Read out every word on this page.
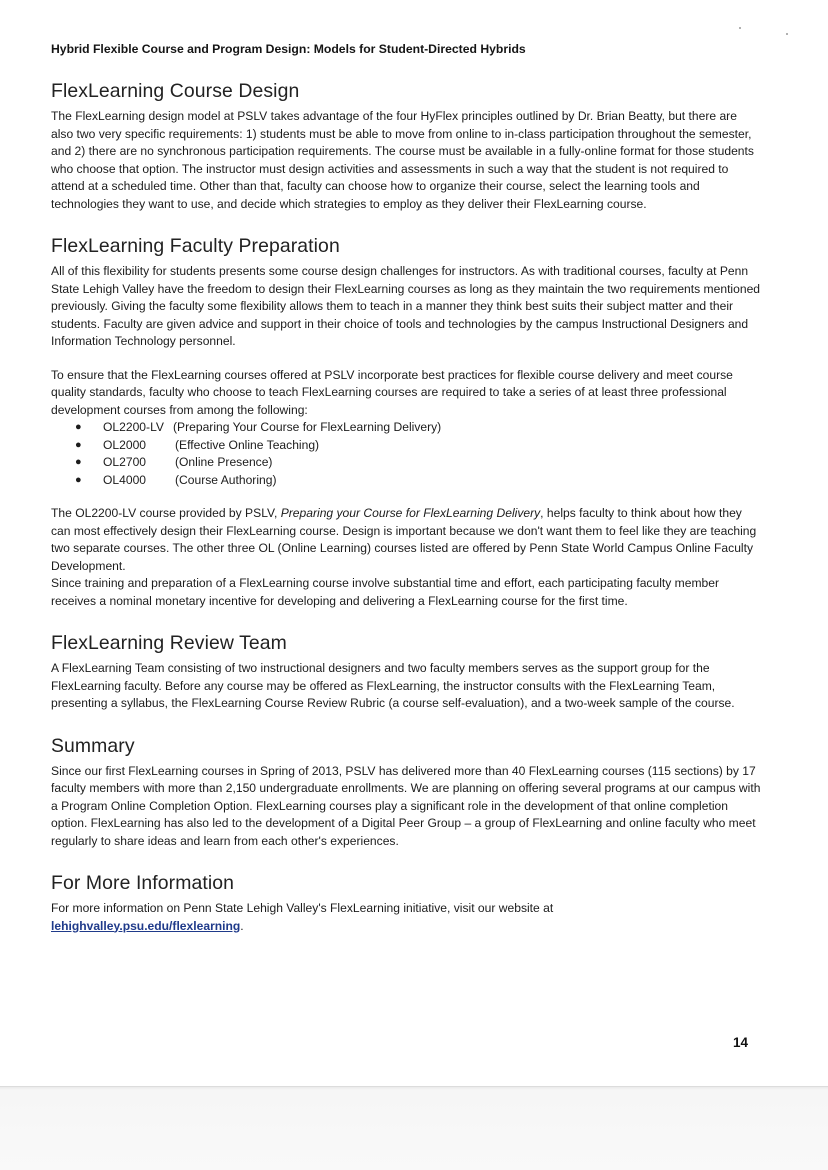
Hybrid Flexible Course and Program Design: Models for Student-Directed Hybrids
FlexLearning Course Design

The FlexLearning design model at PSLV takes advantage of the four HyFlex principles outlined by Dr. Brian Beatty, but there are also two very specific requirements: 1) students must be able to move from online to in-class participation throughout the semester, and 2) there are no synchronous participation requirements. The course must be available in a fully-online format for those students who choose that option. The instructor must design activities and assessments in such a way that the student is not required to attend at a scheduled time. Other than that, faculty can choose how to organize their course, select the learning tools and technologies they want to use, and decide which strategies to employ as they deliver their FlexLearning course.

FlexLearning Faculty Preparation

All of this flexibility for students presents some course design challenges for instructors. As with traditional courses, faculty at Penn State Lehigh Valley have the freedom to design their FlexLearning courses as long as they maintain the two requirements mentioned previously. Giving the faculty some flexibility allows them to teach in a manner they think best suits their subject matter and their students. Faculty are given advice and support in their choice of tools and technologies by the campus Instructional Designers and Information Technology personnel.

To ensure that the FlexLearning courses offered at PSLV incorporate best practices for flexible course delivery and meet course quality standards, faculty who choose to teach FlexLearning courses are required to take a series of at least three professional development courses from among the following:

●	OL2200-LV (Preparing Your Course for FlexLearning Delivery)
●	OL2000	(Effective Online Teaching)
●	OL2700	(Online Presence)
●	OL4000	(Course Authoring)

The OL2200-LV course provided by PSLV, Preparing your Course for FlexLearning Delivery, helps faculty to think about how they can most effectively design their FlexLearning course. Design is important because we don't want them to feel like they are teaching two separate courses. The other three OL (Online Learning) courses listed are offered by Penn State World Campus Online Faculty Development.

Since training and preparation of a FlexLearning course involve substantial time and effort, each participating faculty member receives a nominal monetary incentive for developing and delivering a FlexLearning course for the first time.

FlexLearning Review Team

A FlexLearning Team consisting of two instructional designers and two faculty members serves as the support group for the FlexLearning faculty. Before any course may be offered as FlexLearning, the instructor consults with the FlexLearning Team, presenting a syllabus, the FlexLearning Course Review Rubric (a course self-evaluation), and a two-week sample of the course.

Summary

Since our first FlexLearning courses in Spring of 2013, PSLV has delivered more than 40 FlexLearning courses (115 sections) by 17 faculty members with more than 2,150 undergraduate enrollments. We are planning on offering several programs at our campus with a Program Online Completion Option. FlexLearning courses play a significant role in the development of that online completion option. FlexLearning has also led to the development of a Digital Peer Group – a group of FlexLearning and online faculty who meet regularly to share ideas and learn from each other's experiences.

For More Information

For more information on Penn State Lehigh Valley's FlexLearning initiative, visit our website at
lehighvalley.psu.edu/flexlearning.

14
